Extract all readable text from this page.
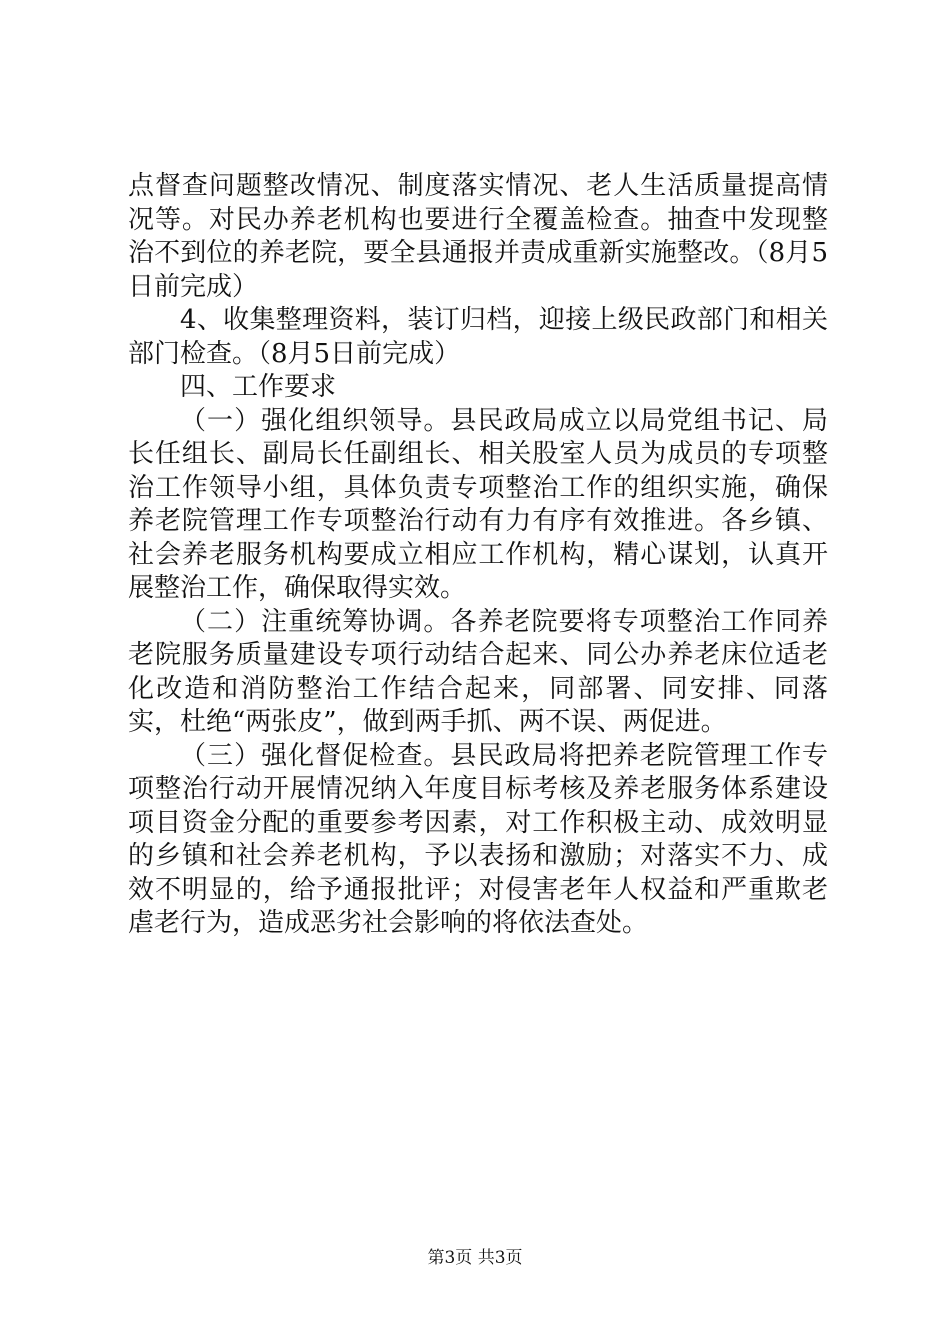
点督查问题整改情况、制度落实情况、老人生活质量提高情况等。对民办养老机构也要进行全覆盖检查。抽查中发现整治不到位的养老院，要全县通报并责成重新实施整改。（8月5日前完成）

4、收集整理资料，装订归档，迎接上级民政部门和相关部门检查。（8月5日前完成）

四、工作要求

（一）强化组织领导。县民政局成立以局党组书记、局长任组长、副局长任副组长、相关股室人员为成员的专项整治工作领导小组，具体负责专项整治工作的组织实施，确保养老院管理工作专项整治行动有力有序有效推进。各乡镇、社会养老服务机构要成立相应工作机构，精心谋划，认真开展整治工作，确保取得实效。

（二）注重统筹协调。各养老院要将专项整治工作同养老院服务质量建设专项行动结合起来、同公办养老床位适老化改造和消防整治工作结合起来，同部署、同安排、同落实，杜绝“两张皮”，做到两手抓、两不误、两促进。

（三）强化督促检查。县民政局将把养老院管理工作专项整治行动开展情况纳入年度目标考核及养老服务体系建设项目资金分配的重要参考因素，对工作积极主动、成效明显的乡镇和社会养老机构，予以表扬和激励；对落实不力、成效不明显的，给予通报批评；对侵害老年人权益和严重欺老虐老行为，造成恶劣社会影响的将依法查处。

第3页 共3页
